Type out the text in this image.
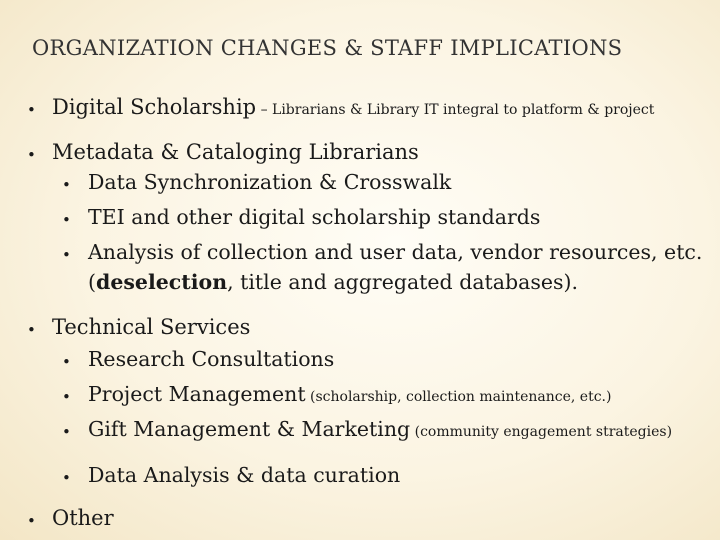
ORGANIZATION CHANGES & STAFF IMPLICATIONS
• Digital Scholarship – Librarians & Library IT integral to platform & project
• Metadata & Cataloging Librarians
• Data Synchronization & Crosswalk
• TEI and other digital scholarship standards
• Analysis of collection and user data, vendor resources, etc.
(deselection, title and aggregated databases).
• Technical Services
• Research Consultations
• Project Management (scholarship, collection maintenance, etc.)
• Gift Management & Marketing (community engagement strategies)
• Data Analysis & data curation
• Other
